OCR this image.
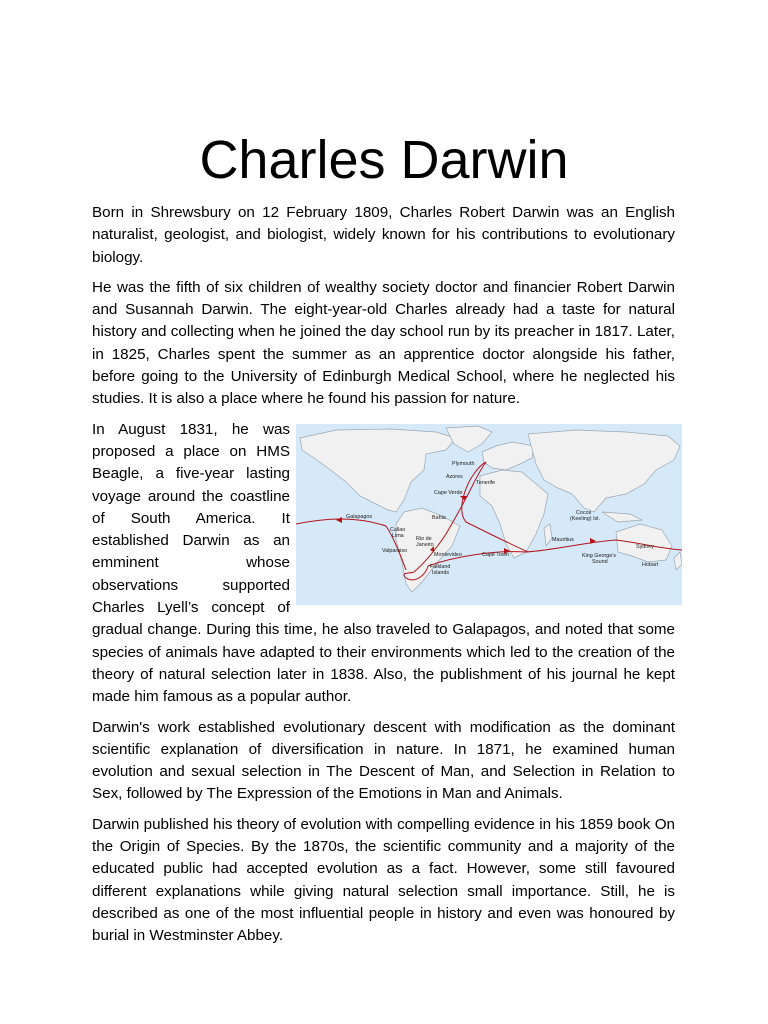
Charles Darwin

Born in Shrewsbury on 12 February 1809, Charles Robert Darwin was an English naturalist, geologist, and biologist, widely known for his contributions to evolutionary biology.

He was the fifth of six children of wealthy society doctor and financier Robert Darwin and Susannah Darwin. The eight-year-old Charles already had a taste for natural history and collecting when he joined the day school run by its preacher in 1817. Later, in 1825, Charles spent the summer as an apprentice doctor alongside his father, before going to the University of Edinburgh Medical School, where he neglected his studies. It is also a place where he found his passion for nature.

Plymouth
Azores
Tenerife
Cape Verde
Galapagos	Bahia
Callao
Lima Rio de
Janeiro
Valparaiso
Montevideo
Falkland
Islands
Cape Town
Cocos
(Keeling) Isl.
Mauritius
King George's
Sound
Sydney
Hobart
In August 1831, he was proposed a place on HMS Beagle, a five-year lasting voyage around the coastline of South America. It established Darwin as an emminent whose observations supported Charles Lyell’s concept of gradual change. During this time, he also traveled to Galapagos, and noted that some species of animals have adapted to their environments which led to the creation of the theory of natural selection later in 1838. Also, the publishment of his journal he kept made him famous as a popular author.

Darwin's work established evolutionary descent with modification as the dominant scientific explanation of diversification in nature. In 1871, he examined human evolution and sexual selection in The Descent of Man, and Selection in Relation to Sex, followed by The Expression of the Emotions in Man and Animals.

Darwin published his theory of evolution with compelling evidence in his 1859 book On the Origin of Species. By the 1870s, the scientific community and a majority of the educated public had accepted evolution as a fact. However, some still favoured different explanations while giving natural selection small importance. Still, he is described as one of the most influential people in history and even was honoured by burial in Westminster Abbey.
